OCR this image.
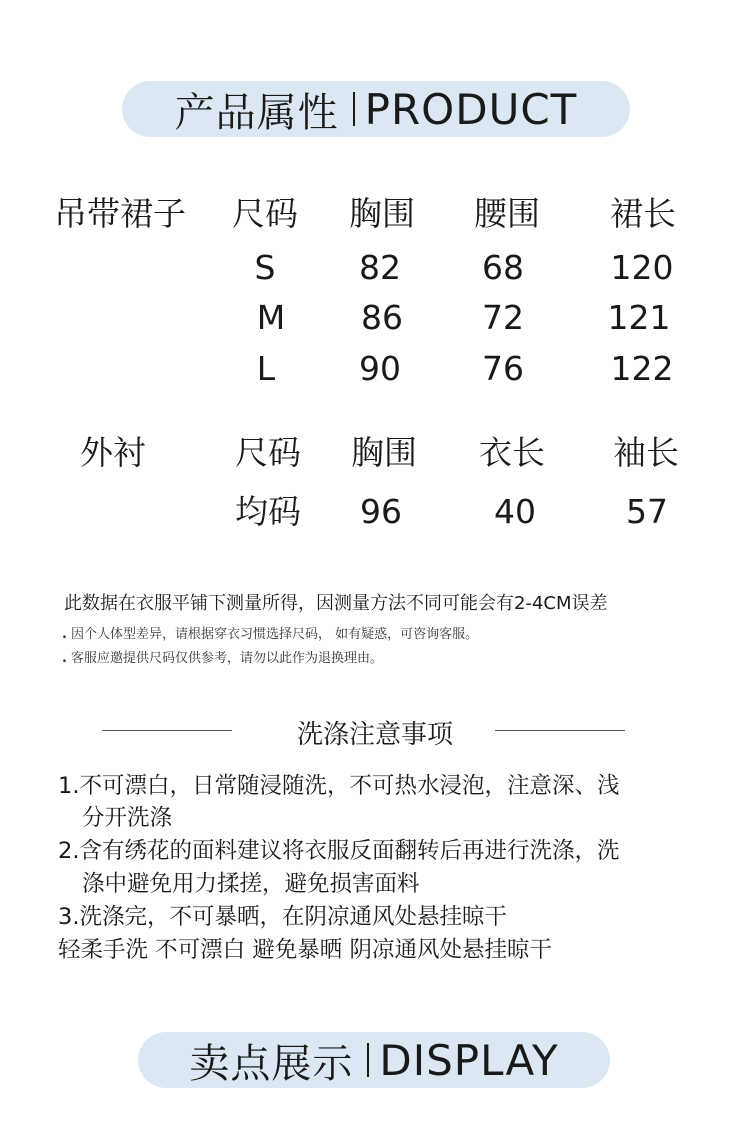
产品属性 PRODUCT
吊带裙子 尺码 胸围 腰围 裙长
S	82 68	120
M 86 72	121
L	90 76	122
外衬	尺码 胸围 衣长 袖长
均码 96	40	57
此数据在衣服平铺下测量所得，因测量方法不同可能会有2-4CM误差
. 因个人体型差异，请根据穿衣习惯选择尺码， 如有疑惑，可咨询客服。
. 客服应邀提供尺码仅供参考，请勿以此作为退换理由。
洗涤注意事项
1.不可漂白，日常随浸随洗，不可热水浸泡，注意深、浅
分开洗涤
2.含有绣花的面料建议将衣服反面翻转后再进行洗涤，洗
涤中避免用力揉搓，避免损害面料
3.洗涤完，不可暴晒，在阴凉通风处悬挂晾干
轻柔手洗 不可漂白 避免暴晒 阴凉通风处悬挂晾干
卖点展示 DISPLAY
